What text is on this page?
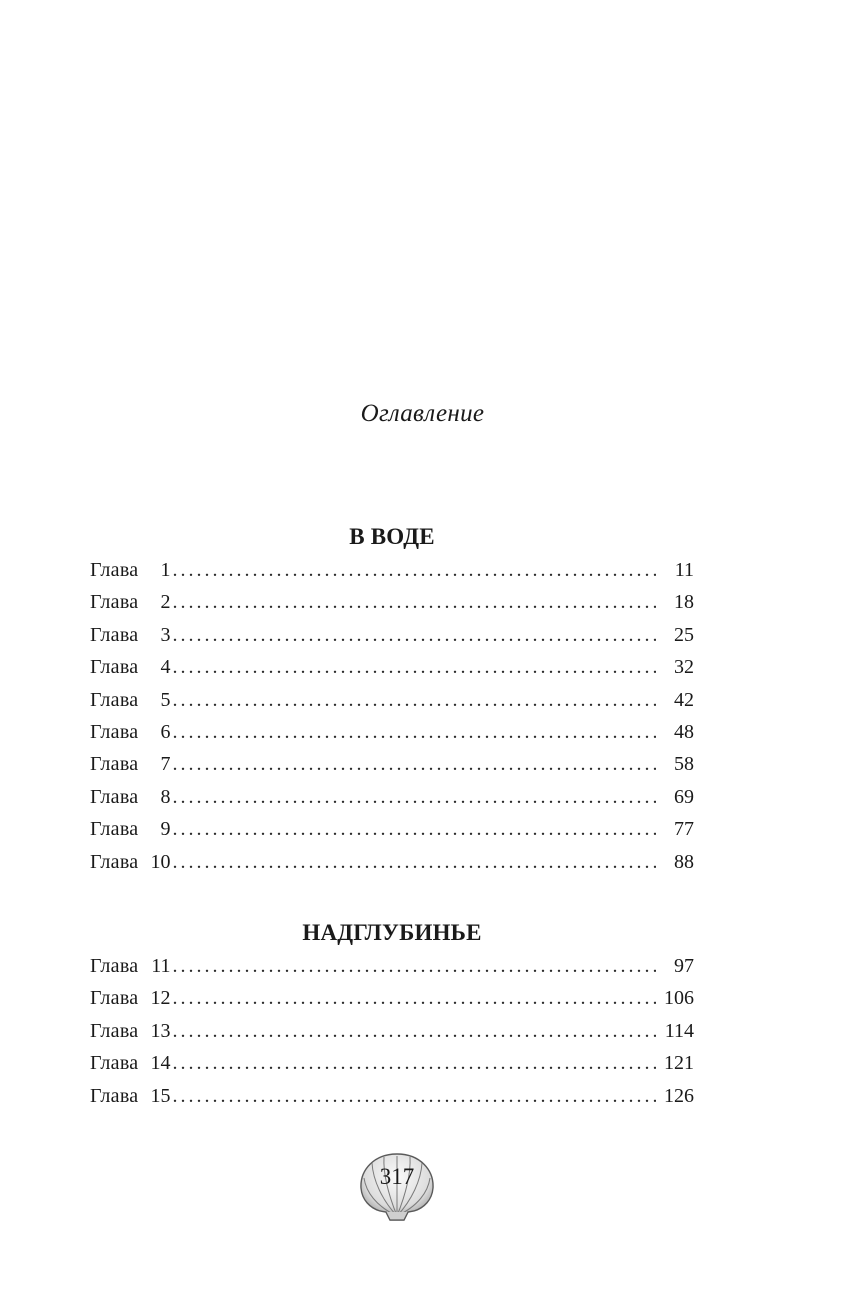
Оглавление
В ВОДЕ
Глава	1 .....	11
Глава	2 .....	18
Глава	3 .....	25
Глава	4 .....	32
Глава	5 .....	42
Глава	6 .....	48
Глава	7 .....	58
Глава	8 .....	69
Глава	9 .....	77
Глава 10 .....	88
НАДГЛУБИНЬЕ
Глава 11 .....	97
Глава 12 .....	106
Глава 13 .....	114
Глава 14 .....	121
Глава 15 .....	126
317
